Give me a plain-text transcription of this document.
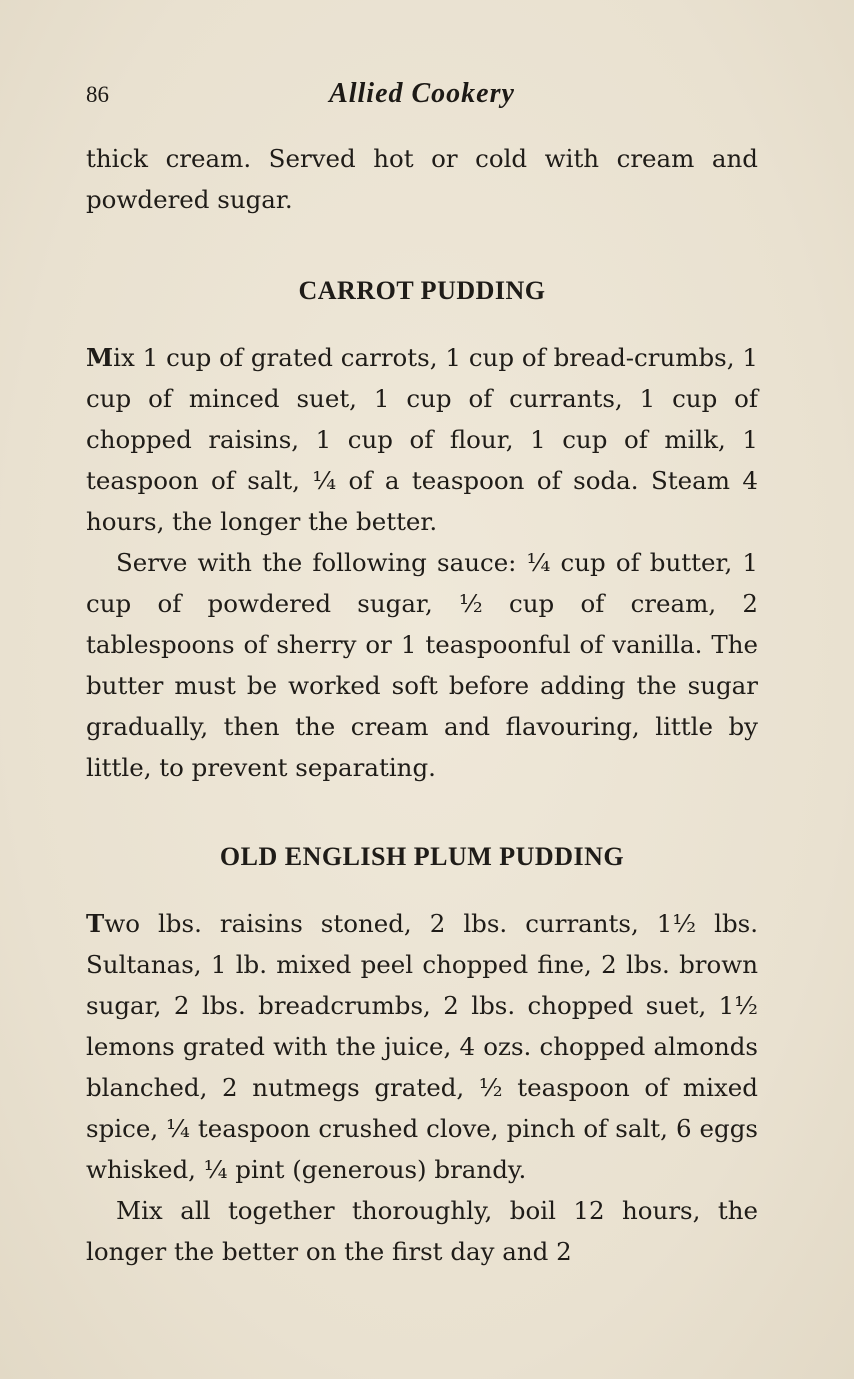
86	Allied Cookery

thick cream. Served hot or cold with cream and powdered sugar.

CARROT PUDDING

Mix 1 cup of grated carrots, 1 cup of bread-crumbs, 1 cup of minced suet, 1 cup of currants, 1 cup of chopped raisins, 1 cup of flour, 1 cup of milk, 1 teaspoon of salt, ¼ of a teaspoon of soda. Steam 4 hours, the longer the better.

Serve with the following sauce: ¼ cup of butter, 1 cup of powdered sugar, ½ cup of cream, 2 tablespoons of sherry or 1 teaspoonful of vanilla. The butter must be worked soft before adding the sugar gradually, then the cream and flavouring, little by little, to prevent separating.

OLD ENGLISH PLUM PUDDING

Two lbs. raisins stoned, 2 lbs. currants, 1½ lbs. Sultanas, 1 lb. mixed peel chopped fine, 2 lbs. brown sugar, 2 lbs. breadcrumbs, 2 lbs. chopped suet, 1½ lemons grated with the juice, 4 ozs. chopped almonds blanched, 2 nutmegs grated, ½ teaspoon of mixed spice, ¼ teaspoon crushed clove, pinch of salt, 6 eggs whisked, ¼ pint (generous) brandy.

Mix all together thoroughly, boil 12 hours, the longer the better on the first day and 2
